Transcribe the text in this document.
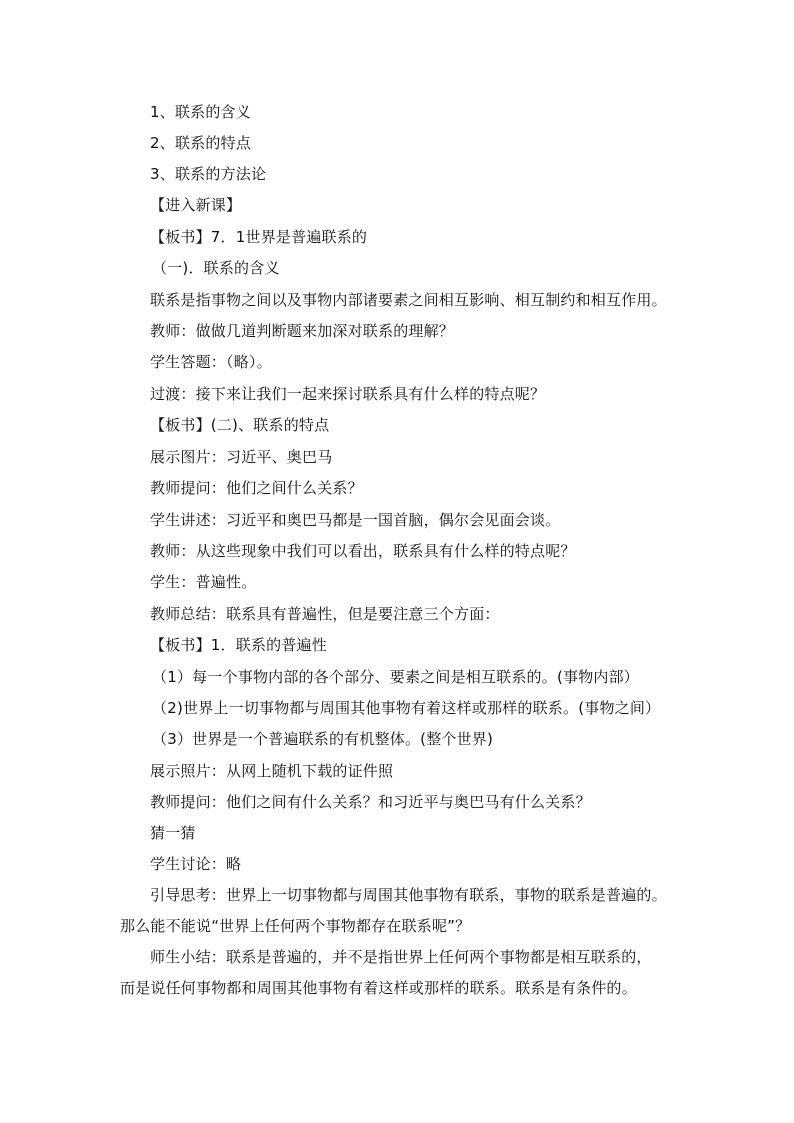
1、联系的含义
2、联系的特点
3、联系的方法论
【进入新课】
【板书】7．1世界是普遍联系的
（一)．联系的含义
联系是指事物之间以及事物内部诸要素之间相互影响、相互制约和相互作用。
教师：做做几道判断题来加深对联系的理解？
学生答题：（略）。
过渡：接下来让我们一起来探讨联系具有什么样的特点呢？
【板书】(二)、联系的特点
展示图片：习近平、奥巴马
教师提问：他们之间什么关系？
学生讲述：习近平和奥巴马都是一国首脑，偶尔会见面会谈。
教师：从这些现象中我们可以看出，联系具有什么样的特点呢？
学生：普遍性。
教师总结：联系具有普遍性，但是要注意三个方面：
【板书】1．联系的普遍性
（1）每一个事物内部的各个部分、要素之间是相互联系的。(事物内部）
（2)世界上一切事物都与周围其他事物有着这样或那样的联系。(事物之间）
（3）世界是一个普遍联系的有机整体。(整个世界)
展示照片：从网上随机下载的证件照
教师提问：他们之间有什么关系？和习近平与奥巴马有什么关系？
猜一猜
学生讨论：略
引导思考：世界上一切事物都与周围其他事物有联系，事物的联系是普遍的。
那么能不能说“世界上任何两个事物都存在联系呢”？
师生小结：联系是普遍的，并不是指世界上任何两个事物都是相互联系的，
而是说任何事物都和周围其他事物有着这样或那样的联系。联系是有条件的。
